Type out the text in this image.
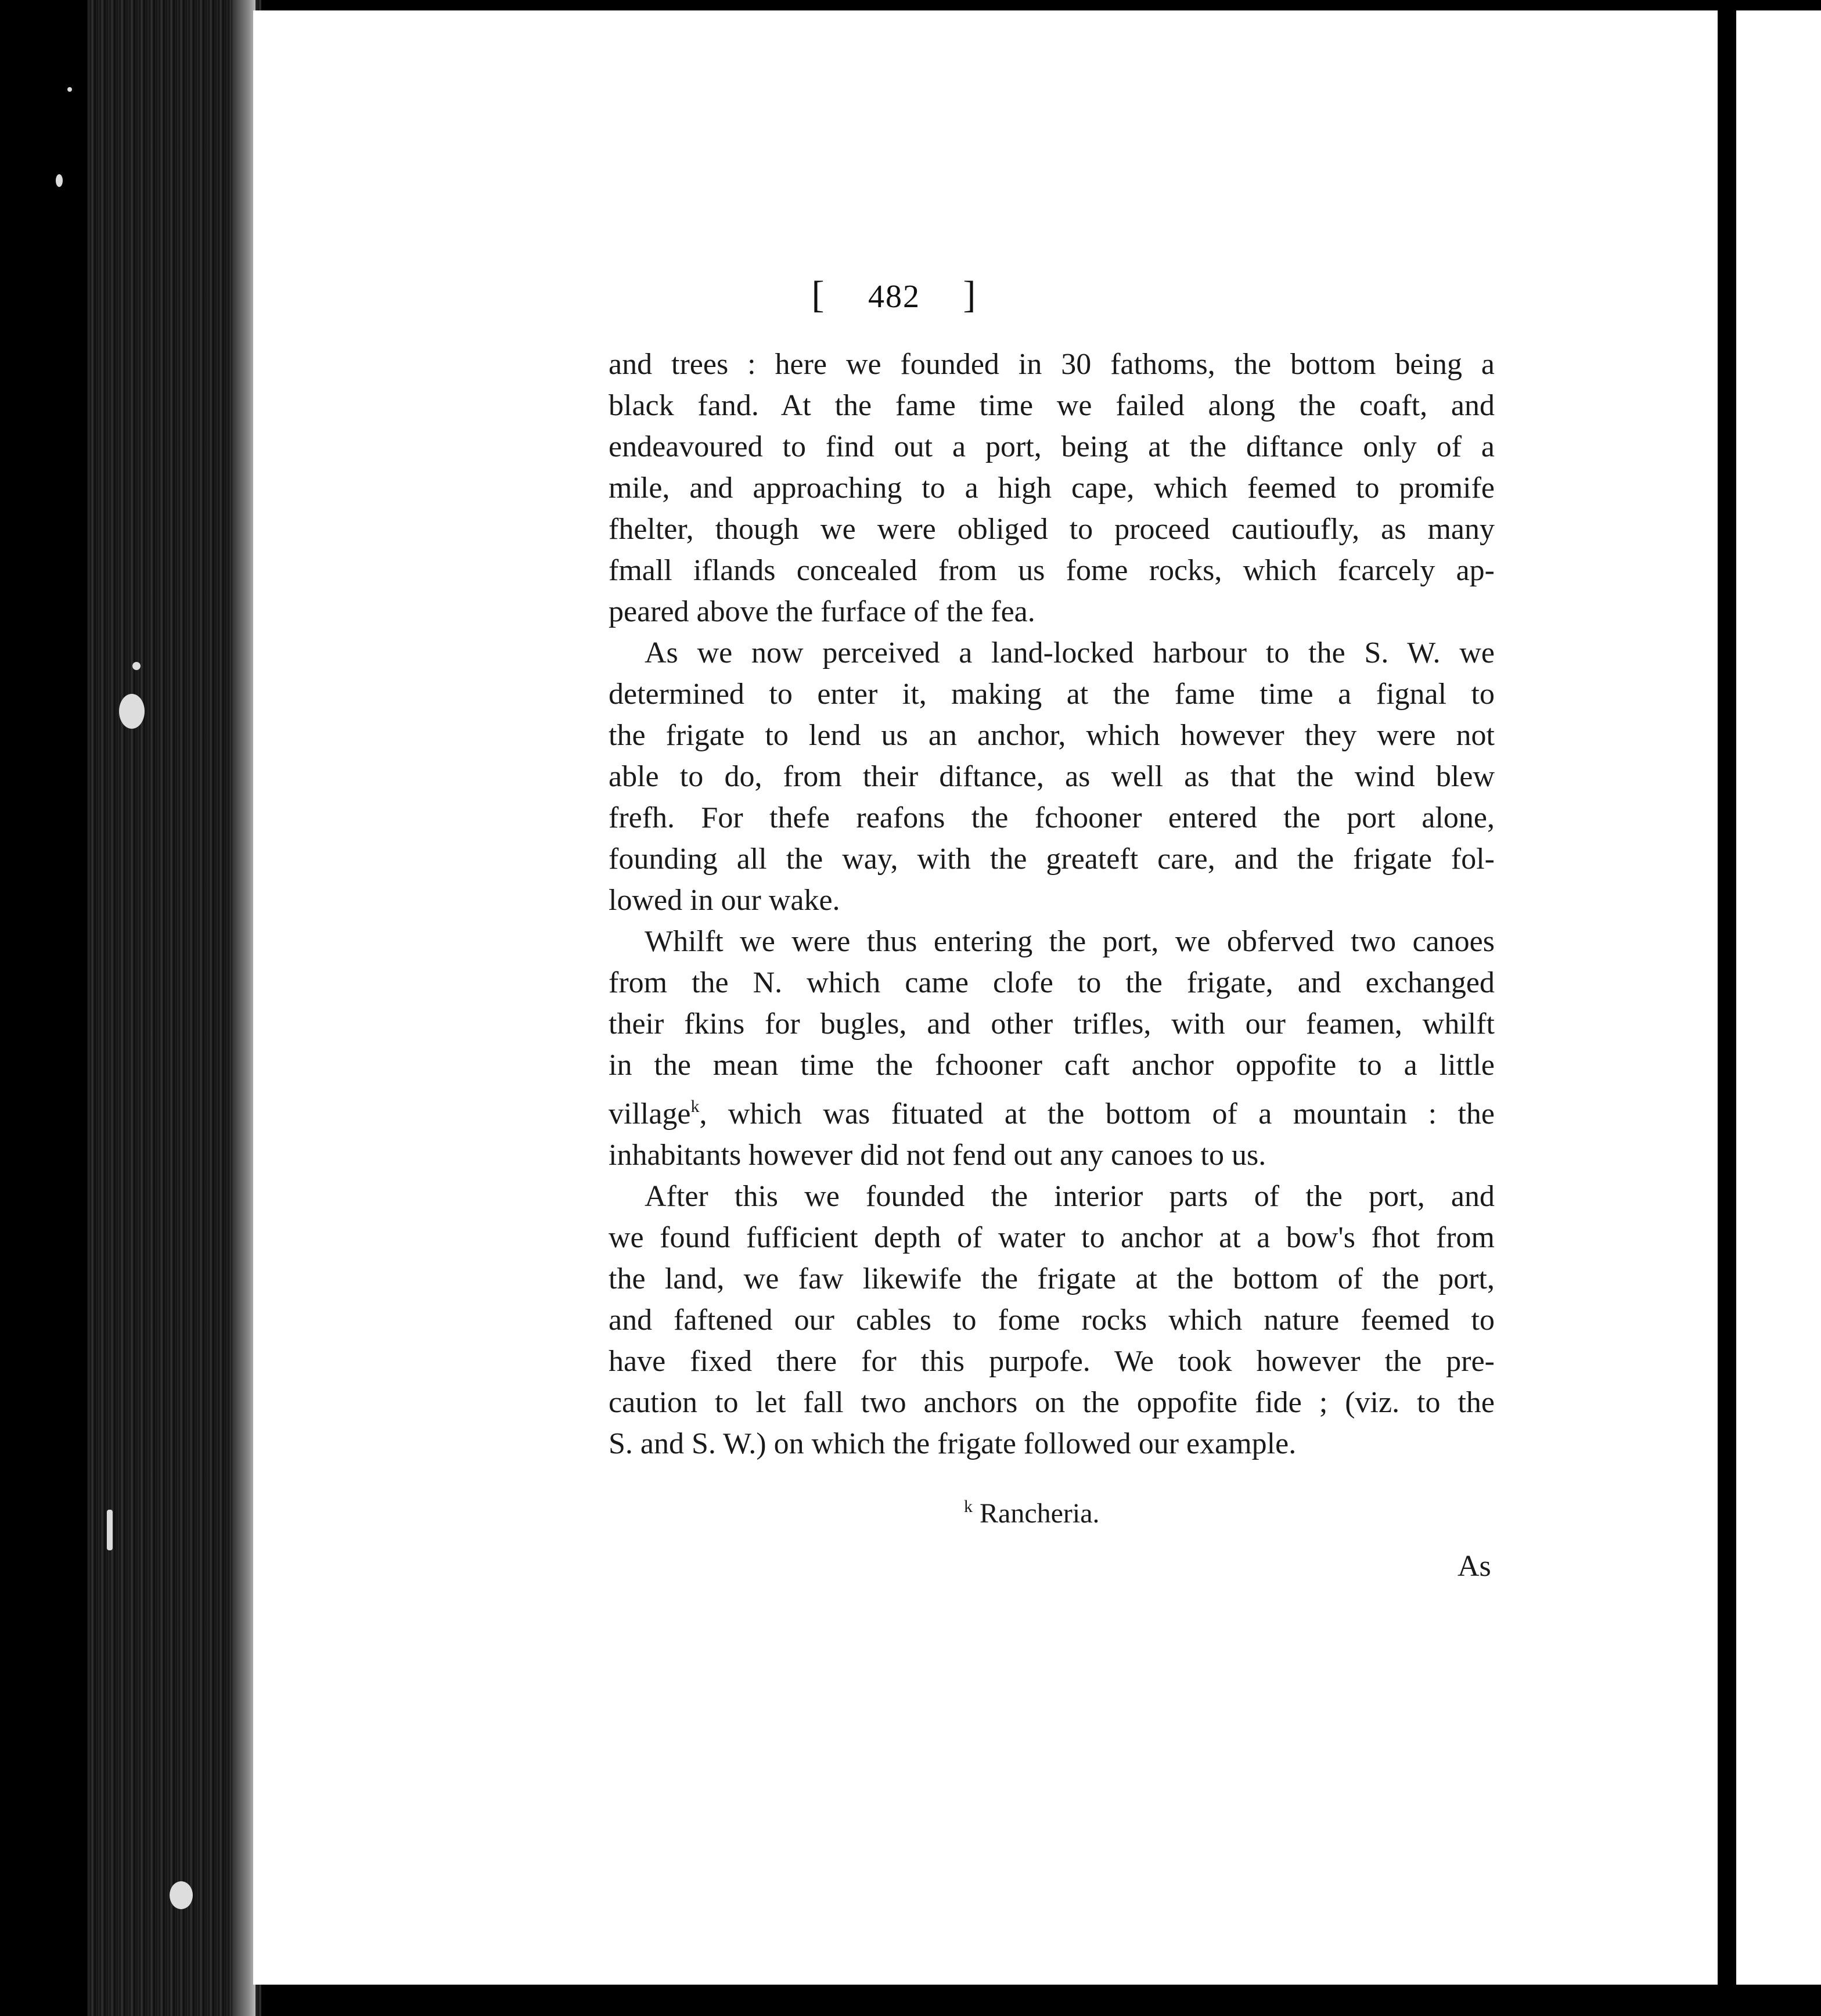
[ 482 ]
and trees : here we founded in 30 fathoms, the bottom being a
black fand. At the fame time we failed along the coaft, and
endeavoured to find out a port, being at the diftance only of a
mile, and approaching to a high cape, which feemed to promife
fhelter, though we were obliged to proceed cautioufly, as many
fmall iflands concealed from us fome rocks, which fcarcely ap-
peared above the furface of the fea.
As we now perceived a land-locked harbour to the S. W. we
determined to enter it, making at the fame time a fignal to
the frigate to lend us an anchor, which however they were not
able to do, from their diftance, as well as that the wind blew
frefh. For thefe reafons the fchooner entered the port alone,
founding all the way, with the greateft care, and the frigate fol-
lowed in our wake.
Whilft we were thus entering the port, we obferved two canoes
from the N. which came clofe to the frigate, and exchanged
their fkins for bugles, and other trifles, with our feamen, whilft
in the mean time the fchooner caft anchor oppofite to a little
village$^k$, which was fituated at the bottom of a mountain : the
inhabitants however did not fend out any canoes to us.
After this we founded the interior parts of the port, and
we found fufficient depth of water to anchor at a bow's fhot from
the land, we faw likewife the frigate at the bottom of the port,
and faftened our cables to fome rocks which nature feemed to
have fixed there for this purpofe. We took however the pre-
caution to let fall two anchors on the oppofite fide ; (viz. to the
S. and S. W.) on which the frigate followed our example.
$^k$ Rancheria.
As
